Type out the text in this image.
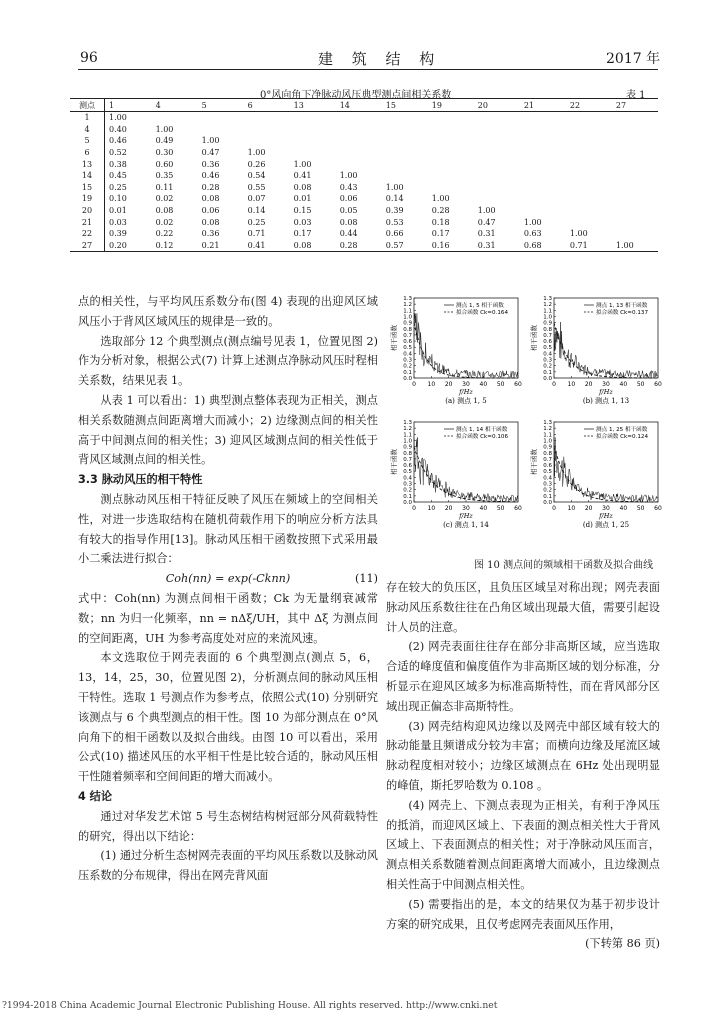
96	建 筑 结 构	2017 年
0°风向角下净脉动风压典型测点间相关系数	表 1
测点	1	4	5	6	13	14	15	19	20	21	22	27
1	1.00											
4	0.40	1.00										
5	0.46	0.49	1.00									
6	0.52	0.30	0.47	1.00								
13	0.38	0.60	0.36	0.26	1.00							
14	0.45	0.35	0.46	0.54	0.41	1.00						
15	0.25	0.11	0.28	0.55	0.08	0.43	1.00					
19	0.10	0.02	0.08	0.07	0.01	0.06	0.14	1.00				
20	0.01	0.08	0.06	0.14	0.15	0.05	0.39	0.28	1.00			
21	0.03	0.02	0.08	0.25	0.03	0.08	0.53	0.18	0.47	1.00		
22	0.39	0.22	0.36	0.71	0.17	0.44	0.66	0.17	0.31	0.63	1.00	
27	0.20	0.12	0.21	0.41	0.08	0.28	0.57	0.16	0.31	0.68	0.71	1.00

点的相关性，与平均风压系数分布(图 4) 表现的出迎风区域风压小于背风区域风压的规律是一致的。

选取部分 12 个典型测点(测点编号见表 1，位置见图 2) 作为分析对象，根据公式(7) 计算上述测点净脉动风压时程相关系数，结果见表 1。

从表 1 可以看出：1) 典型测点整体表现为正相关，测点相关系数随测点间距离增大而减小；2) 边缘测点间的相关性高于中间测点间的相关性；3) 迎风区域测点间的相关性低于背风区域测点间的相关性。

3.3 脉动风压的相干特性

测点脉动风压相干特征反映了风压在频域上的空间相关性，对进一步选取结构在随机荷载作用下的响应分析方法具有较大的指导作用[13]。脉动风压相干函数按照下式采用最小二乘法进行拟合：

Coh(nn) = exp(-Cknn)	(11)

式中：Coh(nn) 为测点间相干函数；Ck 为无量纲衰减常数；nn 为归一化频率，nn = nΔξ/UH，其中 Δξ 为测点间的空间距离，UH 为参考高度处对应的来流风速。

本文选取位于网壳表面的 6 个典型测点(测点 5，6，13，14，25，30，位置见图 2)，分析测点间的脉动风压相干特性。选取 1 号测点作为参考点，依照公式(10) 分别研究该测点与 6 个典型测点的相干性。图 10 为部分测点在 0°风向角下的相干函数以及拟合曲线。由图 10 可以看出，采用公式(10) 描述风压的水平相干性是比较合适的，脉动风压相干性随着频率和空间间距的增大而减小。

4 结论

通过对华发艺术馆 5 号生态树结构树冠部分风荷载特性的研究，得出以下结论：

(1) 通过分析生态树网壳表面的平均风压系数以及脉动风压系数的分布规律，得出在网壳背风面

0.0
0.1
0.2
0.3
0.4
0.5
0.6
0.7
0.8
0.9
1.0
1.1
1.2
1.3
0 10 20 30 40 50 60
f/Hz
相干函数
(a) 测点 1, 5
测点 1, 5 相干函数
拟合函数 Ck=0.164
0.0
0.1
0.2
0.3
0.4
0.5
0.6
0.7
0.8
0.9
1.0
1.1
1.2
1.3
0 10 20 30 40 50 60
f/Hz
相干函数
(b) 测点 1, 13
测点 1, 13 相干函数
拟合函数 Ck=0.137
0.0
0.1
0.2
0.3
0.4
0.5
0.6
0.7
0.8
0.9
1.0
1.1
1.2
1.3
0 10 20 30 40 50 60
f/Hz
相干函数
(c) 测点 1, 14
测点 1, 14 相干函数
拟合函数 Ck=0.106
0.0
0.1
0.2
0.3
0.4
0.5
0.6
0.7
0.8
0.9
1.0
1.1
1.2
1.3
0 10 20 30 40 50 60
f/Hz
相干函数
(d) 测点 1, 25
测点 1, 25 相干函数
拟合函数 Ck=0.124
图 10 测点间的频域相干函数及拟合曲线

存在较大的负压区，且负压区域呈对称出现；网壳表面脉动风压系数往往在凸角区域出现最大值，需要引起设计人员的注意。

(2) 网壳表面往往存在部分非高斯区域，应当选取合适的峰度值和偏度值作为非高斯区域的划分标准，分析显示在迎风区域多为标准高斯特性，而在背风部分区域出现正偏态非高斯特性。

(3) 网壳结构迎风边缘以及网壳中部区域有较大的脉动能量且频谱成分较为丰富；而横向边缘及尾流区域脉动程度相对较小；边缘区域测点在 6Hz 处出现明显的峰值，斯托罗哈数为 0.108 。

(4) 网壳上、下测点表现为正相关，有利于净风压的抵消，而迎风区域上、下表面的测点相关性大于背风区域上、下表面测点的相关性；对于净脉动风压而言，测点相关系数随着测点间距离增大而减小，且边缘测点相关性高于中间测点相关性。

(5) 需要指出的是，本文的结果仅为基于初步设计方案的研究成果，且仅考虑网壳表面风压作用，

(下转第 86 页)

?1994-2018 China Academic Journal Electronic Publishing House. All rights reserved. http://www.cnki.net
